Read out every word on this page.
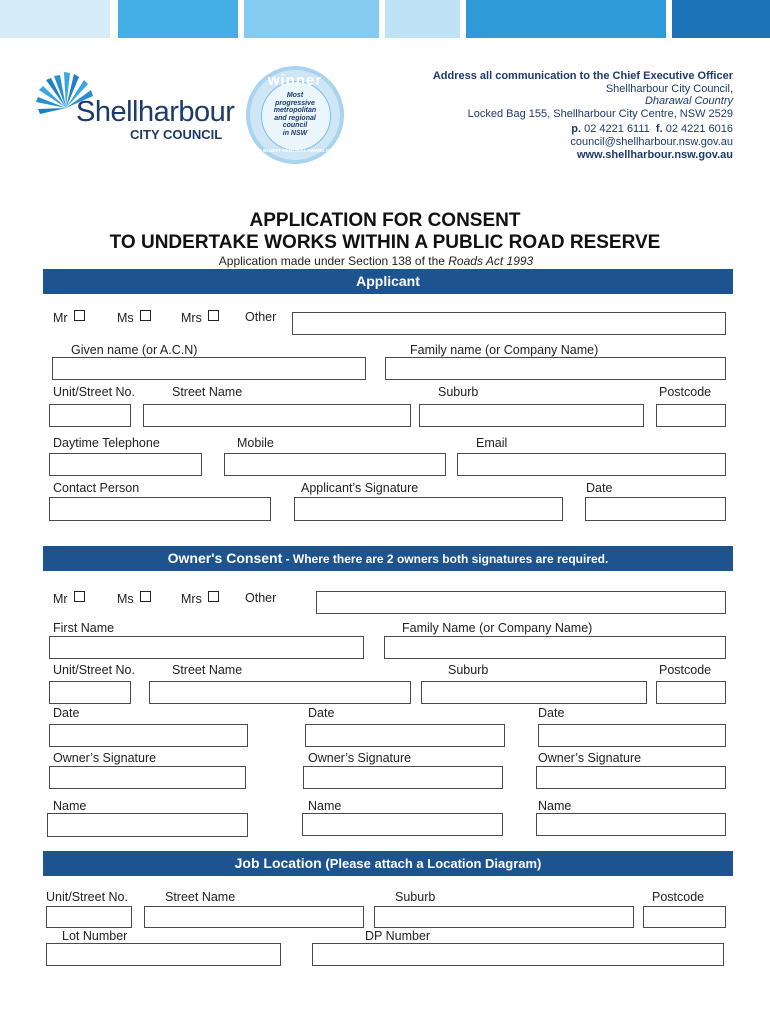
Shellharbour
CITY COUNCIL
winner
Most
progressive
metropolitan
and regional
council
in NSW
A R BLUETT MEMORIAL AWARD 2018
Address all communication to the Chief Executive Officer
Shellharbour City Council,
Dharawal Country
Locked Bag 155, Shellharbour City Centre, NSW 2529
p. 02 4221 6111 f. 02 4221 6016
council@shellharbour.nsw.gov.au
www.shellharbour.nsw.gov.au
APPLICATION FOR CONSENT
TO UNDERTAKE WORKS WITHIN A PUBLIC ROAD RESERVE
Application made under Section 138 of the Roads Act 1993
Applicant
Mr	Ms	Mrs	Other
Given name (or A.C.N)	Family name (or Company Name)
Unit/Street No.	Street Name	Suburb	Postcode
Daytime Telephone	Mobile	Email
Contact Person	Applicant’s Signature	Date
Owner's Consent - Where there are 2 owners both signatures are required.
Mr	Ms	Mrs	Other
First Name	Family Name (or Company Name)
Unit/Street No.	Street Name	Suburb	Postcode
Date	Date	Date
Owner’s Signature	Owner’s Signature	Owner’s Signature
Name	Name	Name
Job Location (Please attach a Location Diagram)
Unit/Street No.	Street Name	Suburb	Postcode
Lot Number	DP Number
